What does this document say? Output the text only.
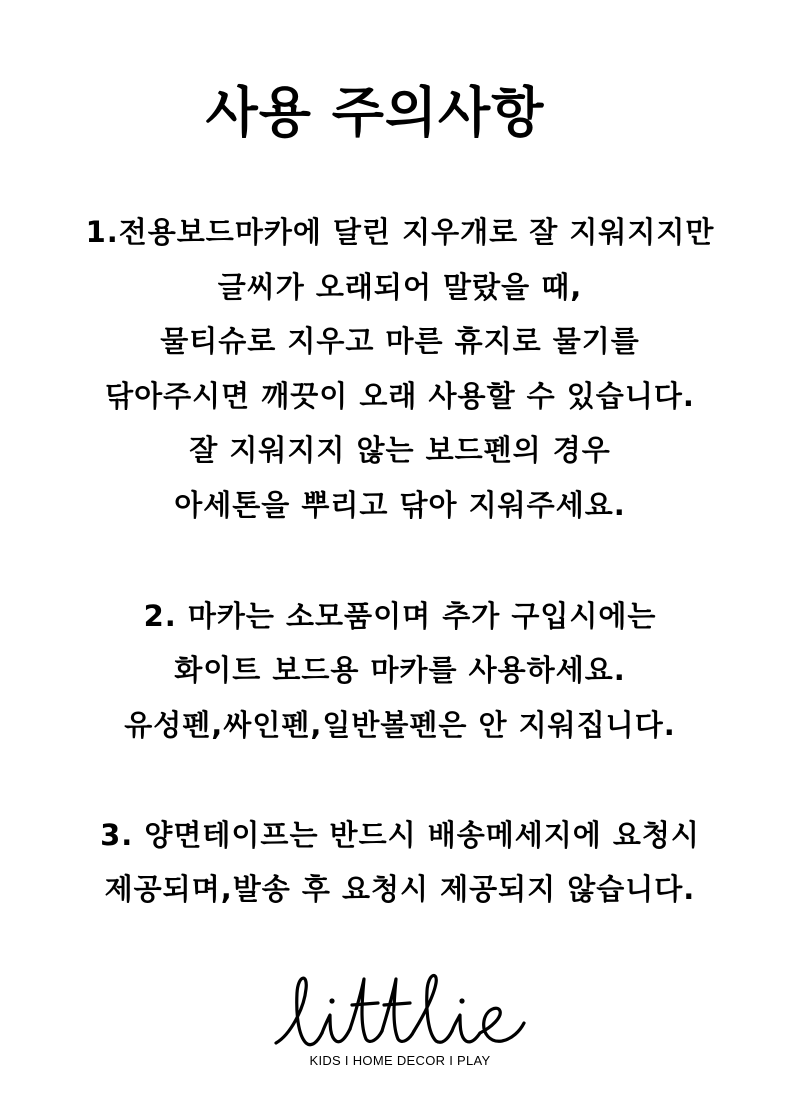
사용 주의사항
1.전용보드마카에 달린 지우개로 잘 지워지지만
글씨가 오래되어 말랐을 때,
물티슈로 지우고 마른 휴지로 물기를
닦아주시면 깨끗이 오래 사용할 수 있습니다.
잘 지워지지 않는 보드펜의 경우
아세톤을 뿌리고 닦아 지워주세요.
2. 마카는 소모품이며 추가 구입시에는
화이트 보드용 마카를 사용하세요.
유성펜,싸인펜,일반볼펜은 안 지워집니다.
3. 양면테이프는 반드시 배송메세지에 요청시
제공되며,발송 후 요청시 제공되지 않습니다.
KIDS I HOME DECOR I PLAY
